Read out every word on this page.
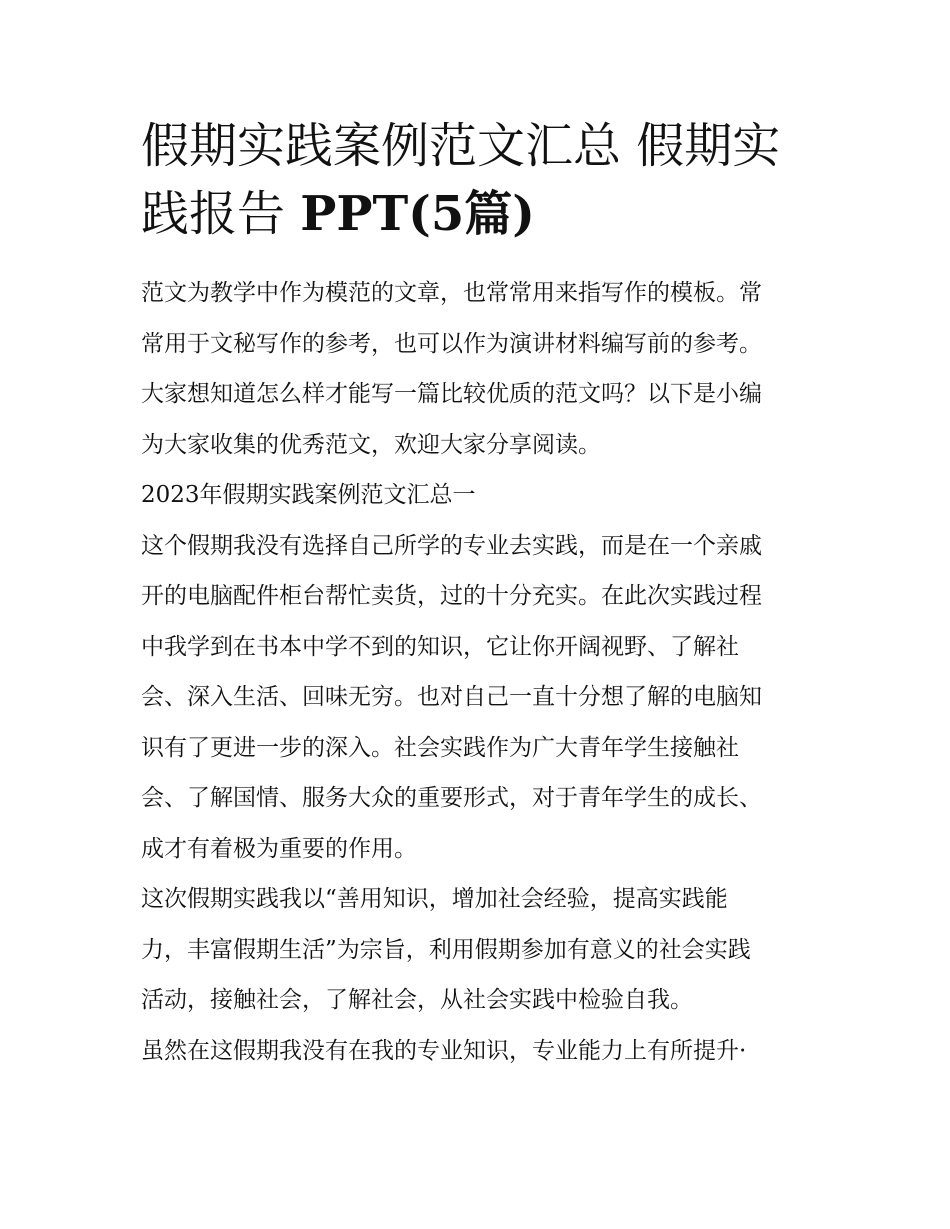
假期实践案例范文汇总 假期实
践报告 PPT(5篇)

范文为教学中作为模范的文章，也常常用来指写作的模板。常

常用于文秘写作的参考，也可以作为演讲材料编写前的参考。

大家想知道怎么样才能写一篇比较优质的范文吗？以下是小编

为大家收集的优秀范文，欢迎大家分享阅读。

2023年假期实践案例范文汇总一

这个假期我没有选择自己所学的专业去实践，而是在一个亲戚

开的电脑配件柜台帮忙卖货，过的十分充实。在此次实践过程

中我学到在书本中学不到的知识，它让你开阔视野、了解社

会、深入生活、回味无穷。也对自己一直十分想了解的电脑知

识有了更进一步的深入。社会实践作为广大青年学生接触社

会、了解国情、服务大众的重要形式，对于青年学生的成长、

成才有着极为重要的作用。

这次假期实践我以“善用知识，增加社会经验，提高实践能

力，丰富假期生活”为宗旨，利用假期参加有意义的社会实践

活动，接触社会，了解社会，从社会实践中检验自我。

虽然在这假期我没有在我的专业知识，专业能力上有所提升·
